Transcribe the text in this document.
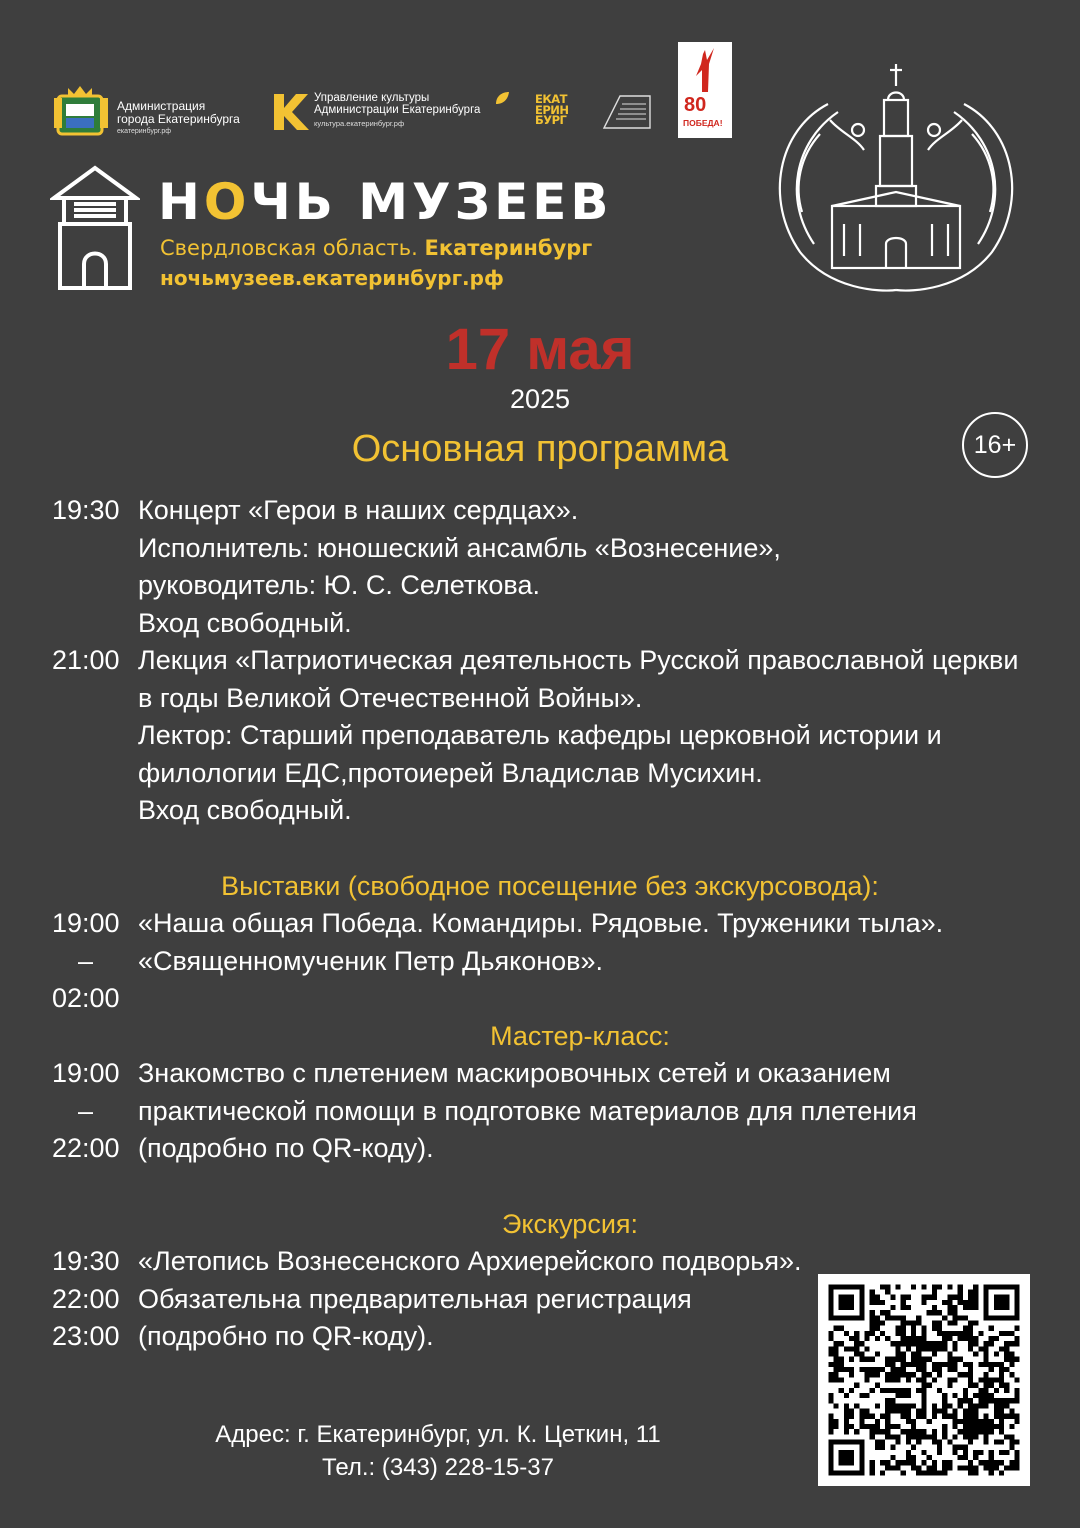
Администрация
города Екатеринбурга
екатеринбург.рф
Управление культуры
Администрации Екатеринбурга
культура.екатеринбург.рф
ЕКАТ
ЕРИН
БУРГ
80
ПОБЕДА!
НОЧЬ МУЗЕЕВ
Свердловская область. Екатеринбург
ночьмузеев.екатеринбург.рф
17 мая
2025
Основная программа	16+
19:30 Концерт «Герои в наших сердцах».
Исполнитель: юношеский ансамбль «Вознесение»,
руководитель: Ю. С. Селеткова.
Вход свободный.
21:00 Лекция «Патриотическая деятельность Русской православной церкви
в годы Великой Отечественной Войны».
Лектор: Старший преподаватель кафедры церковной истории и
филологии ЕДС,протоиерей Владислав Мусихин.
Вход свободный.
Выставки (свободное посещение без экскурсовода):
19:00
–
02:00
«Наша общая Победа. Командиры. Рядовые. Труженики тыла».
«Священномученик Петр Дьяконов».
Мастер-класс:
19:00
–
22:00
Знакомство с плетением маскировочных сетей и оказанием
практической помощи в подготовке материалов для плетения
(подробно по QR-коду).
Экскурсия:
19:30
22:00
23:00
«Летопись Вознесенского Архиерейского подворья».
Обязательна предварительная регистрация
(подробно по QR-коду).
Адрес: г. Екатеринбург, ул. К. Цеткин, 11
Тел.: (343) 228-15-37
